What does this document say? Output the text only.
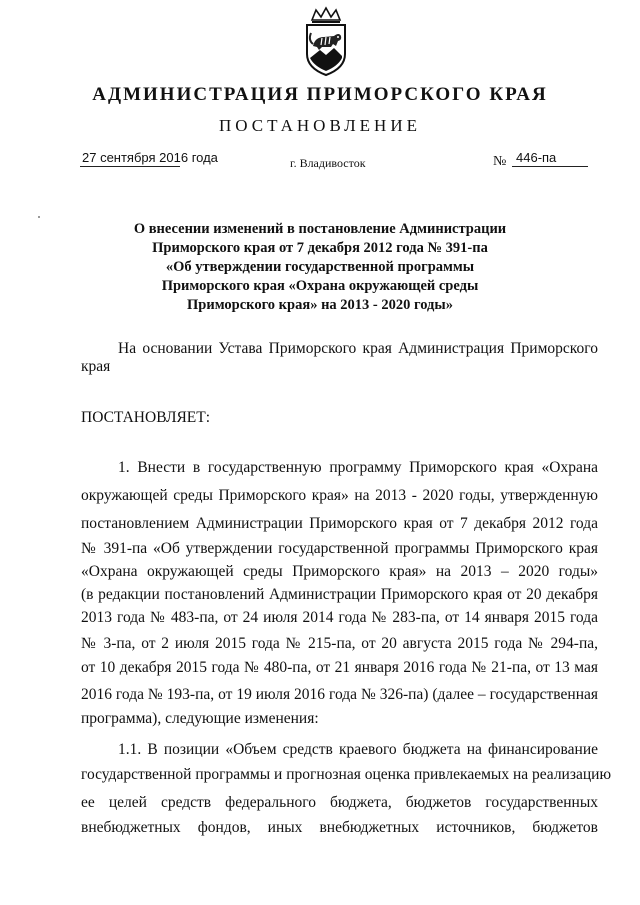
АДМИНИСТРАЦИЯ ПРИМОРСКОГО КРАЯ
ПОСТАНОВЛЕНИЕ
27 сентября 2016 года	г. Владивосток	№ 446-па
О внесении изменений в постановление Администрации
Приморского края от 7 декабря 2012 года № 391-па
«Об утверждении государственной программы
Приморского края «Охрана окружающей среды
Приморского края» на 2013 - 2020 годы»
На основании Устава Приморского края Администрация Приморского
края
ПОСТАНОВЛЯЕТ:
1. Внести в государственную программу Приморского края «Охрана
окружающей среды Приморского края» на 2013 - 2020 годы, утвержденную
постановлением Администрации Приморского края от 7 декабря 2012 года
№ 391-па «Об утверждении государственной программы Приморского края
«Охрана окружающей среды Приморского края» на 2013 – 2020 годы»
(в редакции постановлений Администрации Приморского края от 20 декабря
2013 года № 483-па, от 24 июля 2014 года № 283-па, от 14 января 2015 года
№ 3-па, от 2 июля 2015 года № 215-па, от 20 августа 2015 года № 294-па,
от 10 декабря 2015 года № 480-па, от 21 января 2016 года № 21-па, от 13 мая
2016 года № 193-па, от 19 июля 2016 года № 326-па) (далее – государственная
программа), следующие изменения:
1.1. В позиции «Объем средств краевого бюджета на финансирование
государственной программы и прогнозная оценка привлекаемых на реализацию
ее целей средств федерального бюджета, бюджетов государственных
внебюджетных фондов, иных внебюджетных источников, бюджетов
